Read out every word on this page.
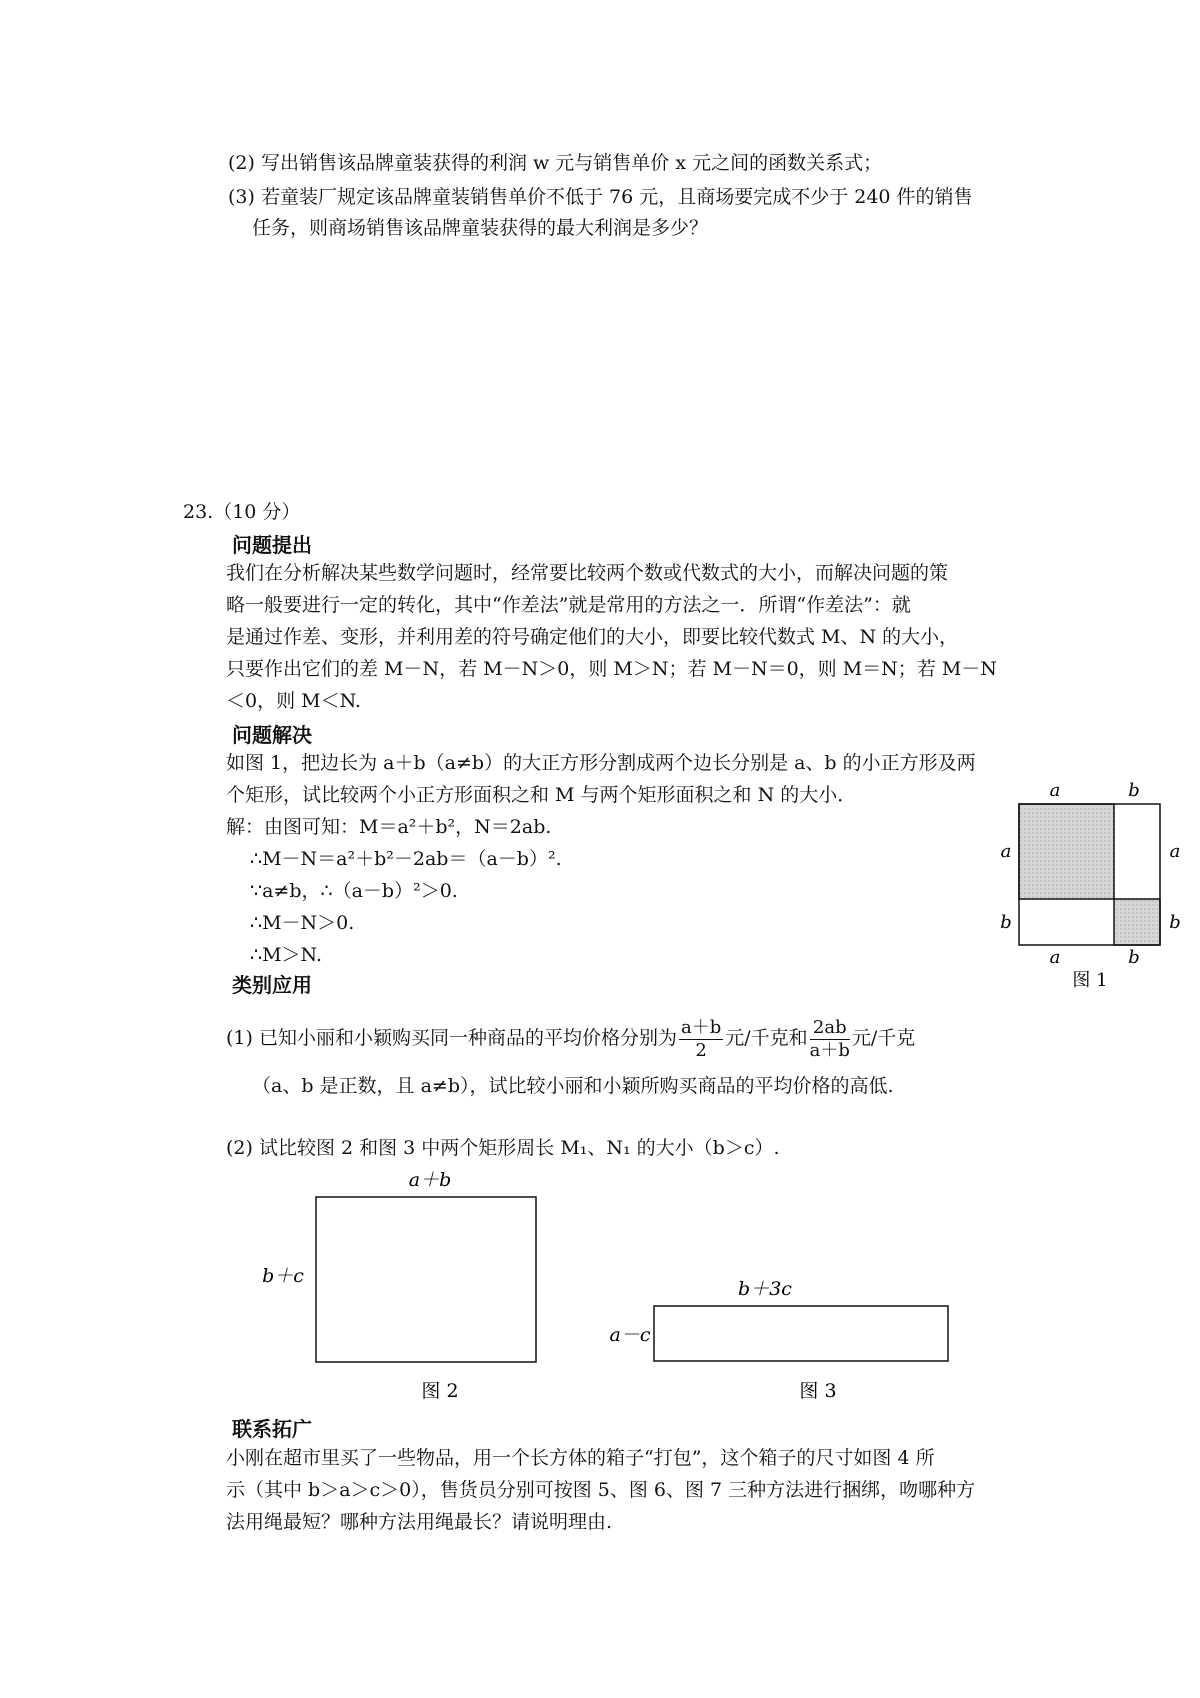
(2) 写出销售该品牌童装获得的利润 w 元与销售单价 x 元之间的函数关系式；
(3) 若童装厂规定该品牌童装销售单价不低于 76 元，且商场要完成不少于 240 件的销售
任务，则商场销售该品牌童装获得的最大利润是多少？
23.（10 分）
问题提出
我们在分析解决某些数学问题时，经常要比较两个数或代数式的大小，而解决问题的策
略一般要进行一定的转化，其中“作差法”就是常用的方法之一．所谓“作差法”：就
是通过作差、变形，并利用差的符号确定他们的大小，即要比较代数式 M、N 的大小，
只要作出它们的差 M－N，若 M－N＞0，则 M＞N；若 M－N＝0，则 M＝N；若 M－N
＜0，则 M＜N.
问题解决
如图 1，把边长为 a＋b（a≠b）的大正方形分割成两个边长分别是 a、b 的小正方形及两
个矩形，试比较两个小正方形面积之和 M 与两个矩形面积之和 N 的大小．
解：由图可知：M＝a²＋b²，N＝2ab.
∴M－N＝a²＋b²－2ab＝（a－b）².
∵a≠b，∴（a－b）²＞0.
∴M－N＞0.
∴M＞N.
a	b
a
b
a
b
a	b
图 1
类别应用
(1) 已知小丽和小颖购买同一种商品的平均价格分别为 $\frac{a+b}{2}$ 元/千克和 $\frac{2ab}{a+b}$ 元/千克
（a、b 是正数，且 a≠b），试比较小丽和小颖所购买商品的平均价格的高低.
(2) 试比较图 2 和图 3 中两个矩形周长 M₁、N₁ 的大小（b＞c）.
a＋b
b＋c
图 2
b＋3c
a－c
图 3
联系拓广
小刚在超市里买了一些物品，用一个长方体的箱子“打包”，这个箱子的尺寸如图 4 所
示（其中 b＞a＞c＞0），售货员分别可按图 5、图 6、图 7 三种方法进行捆绑，吻哪种方
法用绳最短？哪种方法用绳最长？请说明理由.
